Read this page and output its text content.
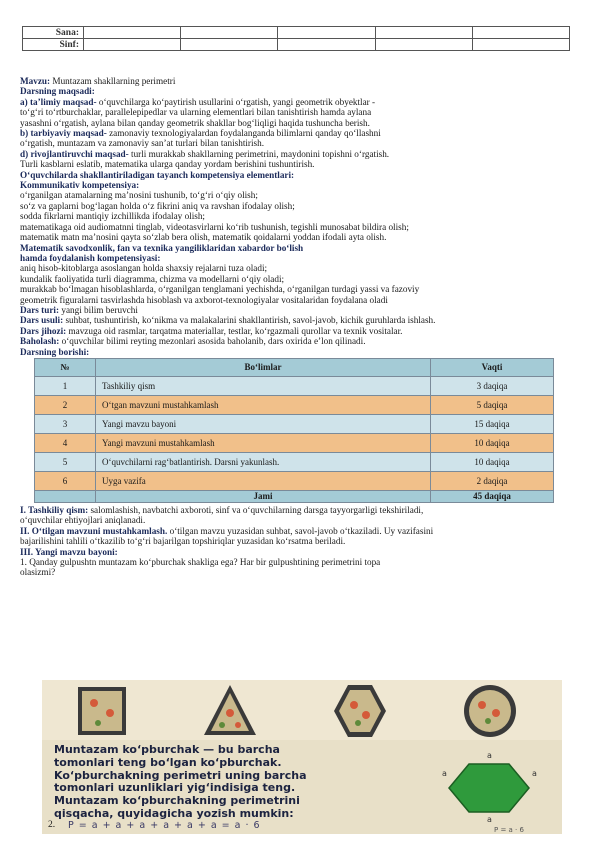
Sana:					
Sinf:					

Mavzu: Muntazam shakllarning perimetri

Darsning maqsadi:

a) ta’limiy maqsad- o‘quvchilarga ko‘paytirish usullarini o‘rgatish, yangi geometrik obyektlar -

to‘g‘ri to‘rtburchaklar, parallelepipedlar va ularning elementlari bilan tanishtirish hamda aylana

yasashni o‘rgatish, aylana bilan qanday geometrik shakllar bog‘liqligi haqida tushuncha berish.

b) tarbiyaviy maqsad- zamonaviy texnologiyalardan foydalanganda bilimlarni qanday qo‘llashni

o‘rgatish, muntazam va zamonaviy san’at turlari bilan tanishtirish.

d) rivojlantiruvchi maqsad- turli murakkab shakllarning perimetrini, maydonini topishni o‘rgatish.

Turli kasblarni eslatib, matematika ularga qanday yordam berishini tushuntirish.

O‘quvchilarda shakllantiriladigan tayanch kompetensiya elementlari:

Kommunikativ kompetensiya:

o‘rganilgan atamalarning ma’nosini tushunib, to‘g‘ri o‘qiy olish;

so‘z va gaplarni bog‘lagan holda o‘z fikrini aniq va ravshan ifodalay olish;

sodda fikrlarni mantiqiy izchillikda ifodalay olish;

matematikaga oid audiomatnni tinglab, videotasvirlarni ko‘rib tushunish, tegishli munosabat bildira olish;

matematik matn ma’nosini qayta so‘zlab bera olish, matematik qoidalarni yoddan ifodali ayta olish.

Matematik savodxonlik, fan va texnika yangiliklaridan xabardor bo‘lish

hamda foydalanish kompetensiyasi:

aniq hisob-kitoblarga asoslangan holda shaxsiy rejalarni tuza oladi;

kundalik faoliyatida turli diagramma, chizma va modellarni o‘qiy oladi;

murakkab bo‘lmagan hisoblashlarda, o‘rganilgan tenglamani yechishda, o‘rganilgan turdagi yassi va fazoviy

geometrik figuralarni tasvirlashda hisoblash va axborot-texnologiyalar vositalaridan foydalana oladi

Dars turi: yangi bilim beruvchi

Dars usuli: suhbat, tushuntirish, ko‘nikma va malakalarini shakllantirish, savol-javob, kichik guruhlarda ishlash.

Dars jihozi: mavzuga oid rasmlar, tarqatma materiallar, testlar, ko‘rgazmali qurollar va texnik vositalar.

Baholash: o‘quvchilar bilimi reyting mezonlari asosida baholanib, dars oxirida e’lon qilinadi.

Darsning borishi:

№	Bo‘limlar	Vaqti
1	Tashkiliy qism	3 daqiqa
2	O‘tgan mavzuni mustahkamlash	5 daqiqa
3	Yangi mavzu bayoni	15 daqiqa
4	Yangi mavzuni mustahkamlash	10 daqiqa
5	O‘quvchilarni rag‘batlantirish. Darsni yakunlash.	10 daqiqa
6	Uyga vazifa	2 daqiqa
	Jami	45 daqiqa

I. Tashkiliy qism: salomlashish, navbatchi axboroti, sinf va o‘quvchilarning darsga tayyorgarligi tekshiriladi,

o‘quvchilar ehtiyojlari aniqlanadi.

II. O‘tilgan mavzuni mustahkamlash. o‘tilgan mavzu yuzasidan suhbat, savol-javob o‘tkaziladi. Uy vazifasini

bajarilishini tahlili o‘tkazilib to‘g‘ri bajarilgan topshiriqlar yuzasidan ko‘rsatma beriladi.

III. Yangi mavzu bayoni:

1. Qanday gulpushtn muntazam ko‘pburchak shakliga ega? Har bir gulpushtining perimetrini topa

olasizmi?

Muntazam ko‘pburchak — bu barcha
tomonlari teng bo‘lgan ko‘pburchak.
Ko‘pburchakning perimetri uning barcha
tomonlari uzunliklari yig‘indisiga teng.
Muntazam ko‘pburchakning perimetrini
qisqacha, quyidagicha yozish mumkin:
P = a + a + a + a + a + a = a · 6
a
a	a
a
P = a · 6
2.
